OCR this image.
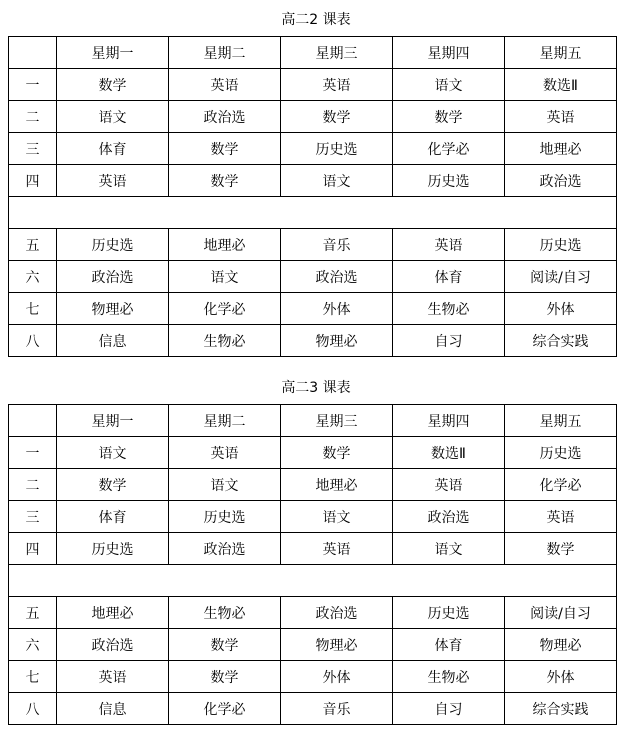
高二2 课表
	星期一	星期二	星期三	星期四	星期五
一	数学	英语	英语	语文	数选Ⅱ
二	语文	政治选	数学	数学	英语
三	体育	数学	历史选	化学必	地理必
四	英语	数学	语文	历史选	政治选

五	历史选	地理必	音乐	英语	历史选
六	政治选	语文	政治选	体育	阅读/自习
七	物理必	化学必	外体	生物必	外体
八	信息	生物必	物理必	自习	综合实践
高二3 课表
	星期一	星期二	星期三	星期四	星期五
一	语文	英语	数学	数选Ⅱ	历史选
二	数学	语文	地理必	英语	化学必
三	体育	历史选	语文	政治选	英语
四	历史选	政治选	英语	语文	数学

五	地理必	生物必	政治选	历史选	阅读/自习
六	政治选	数学	物理必	体育	物理必
七	英语	数学	外体	生物必	外体
八	信息	化学必	音乐	自习	综合实践
